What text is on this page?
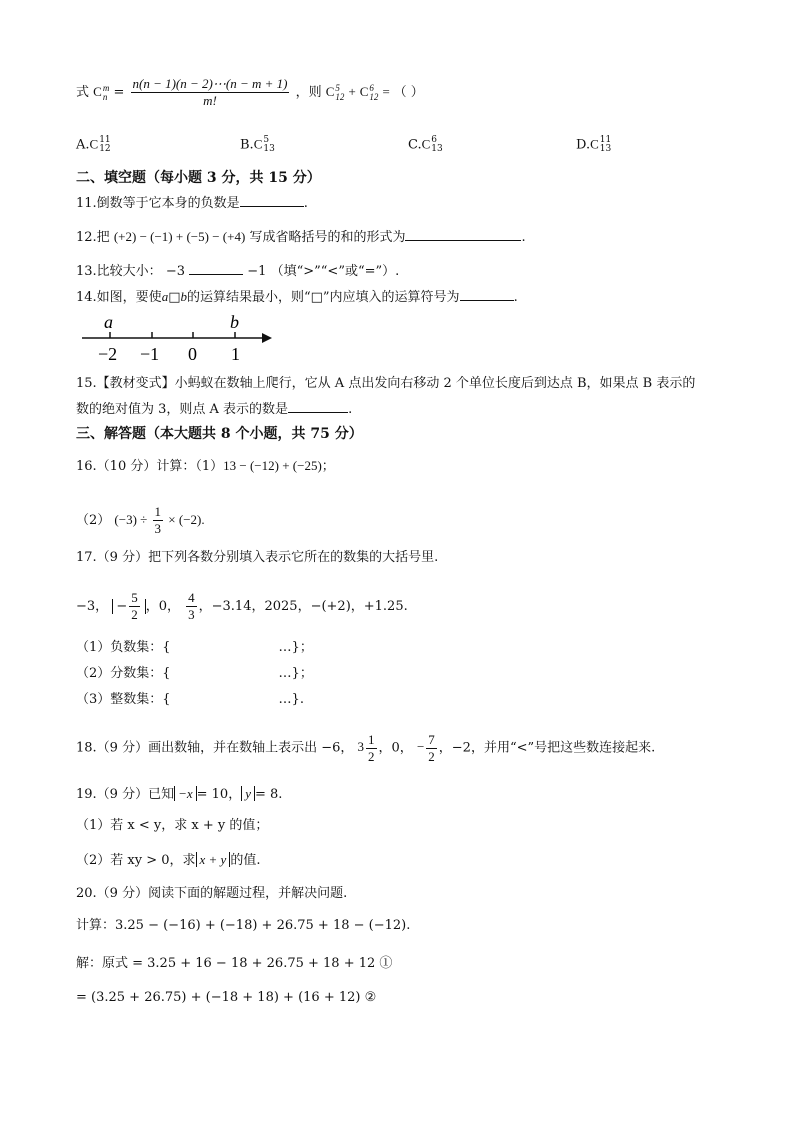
式 C m
$n = \frac{n(n - 1)(n - 2)\cdots(n - m + 1)}{m!}$ ，则 C 5
12 + C 6
12 = （ ）
A.C 11
12	B.C 5
13	C.C 6
13	D.C 11
13
二、填空题（每小题 3 分，共 15 分）
11.倒数等于它本身的负数是	.
12.把 (+2) − (−1) + (−5) − (+4) 写成省略括号的和的形式为	.
13.比较大小： −3	−1 （填“>”“<”或“=”）.
14.如图，要使a□b的运算结果最小，则“□”内应填入的运算符号为	.
a	b
−2 −1 0 1
15.【教材变式】小蚂蚁在数轴上爬行，它从 A 点出发向右移动 2 个单位长度后到达点 B，如果点 B 表示的
数的绝对值为 3，则点 A 表示的数是	.
三、解答题（本大题共 8 个小题，共 75 分）
16.（10 分）计算：（1）13 − (−12) + (−25)；
（2） $(-3) \div \frac{1}{3} \times (-2)$.
17.（9 分）把下列各数分别填入表示它所在的数集的大括号里.
−3， − $\frac{5}{2}$ ，0， $\frac{4}{3}$ ，−3.14，2025，−(+2)，+1.25.
（1）负数集：{	…}；
（2）分数集：{	…}；
（3）整数集：{	…}.
18.（9 分）画出数轴，并在数轴上表示出 −6， $3 \frac{1}{2}$ ，0， − $\frac{7}{2}$ ，−2，并用“<”号把这些数连接起来.
19.（9 分）已知 −x = 10， y = 8.
（1）若 x < y，求 x + y 的值；
（2）若 xy > 0，求 x + y 的值.
20.（9 分）阅读下面的解题过程，并解决问题.
计算：3.25 − (−16) + (−18) + 26.75 + 18 − (−12).
解：原式 = 3.25 + 16 − 18 + 26.75 + 18 + 12 ①
= (3.25 + 26.75) + (−18 + 18) + (16 + 12) ②
